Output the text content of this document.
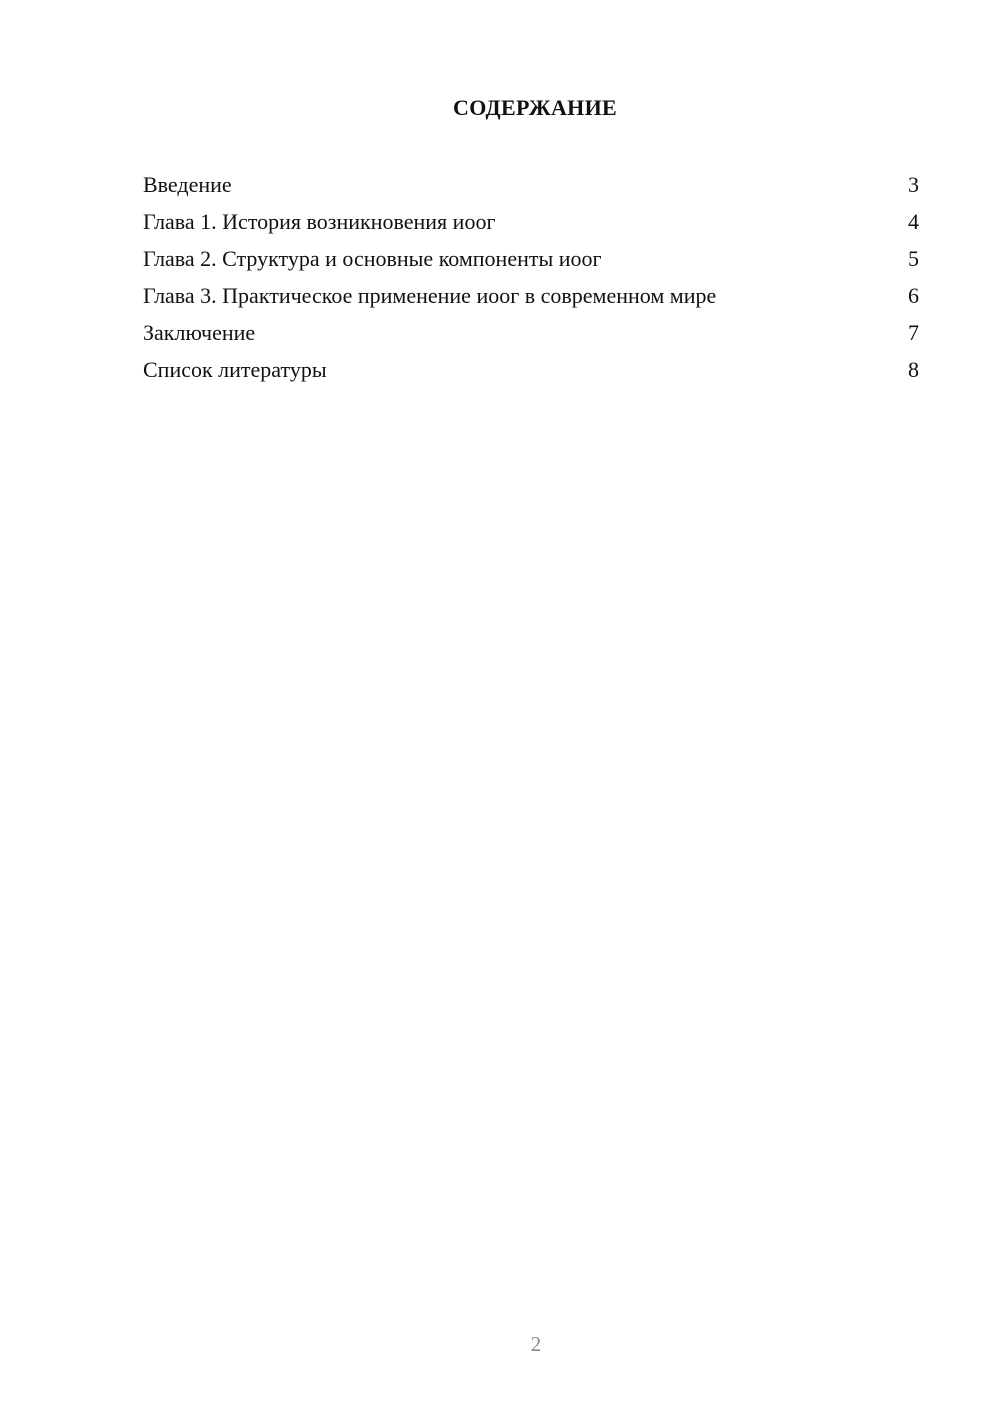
СОДЕРЖАНИЕ
Введение	3
Глава 1. История возникновения иоог	4
Глава 2. Структура и основные компоненты иоог	5
Глава 3. Практическое применение иоог в современном мире	6
Заключение	7
Список литературы	8
2
